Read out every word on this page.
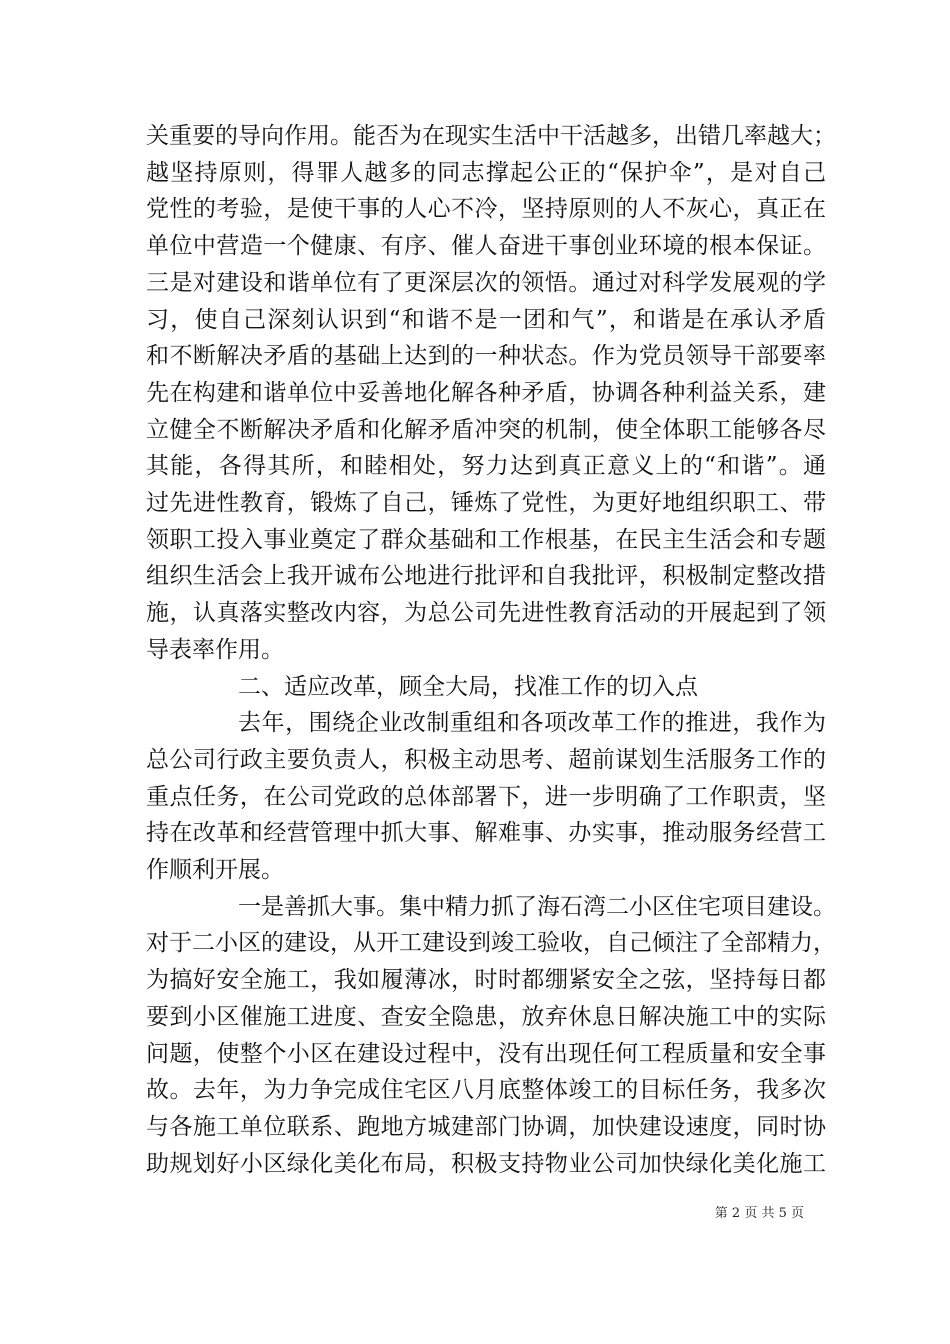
关重要的导向作用。能否为在现实生活中干活越多，出错几率越大；
越坚持原则，得罪人越多的同志撑起公正的“保护伞”，是对自己
党性的考验，是使干事的人心不冷，坚持原则的人不灰心，真正在
单位中营造一个健康、有序、催人奋进干事创业环境的根本保证。
三是对建设和谐单位有了更深层次的领悟。通过对科学发展观的学
习，使自己深刻认识到“和谐不是一团和气”，和谐是在承认矛盾
和不断解决矛盾的基础上达到的一种状态。作为党员领导干部要率
先在构建和谐单位中妥善地化解各种矛盾，协调各种利益关系，建
立健全不断解决矛盾和化解矛盾冲突的机制，使全体职工能够各尽
其能，各得其所，和睦相处，努力达到真正意义上的“和谐”。通
过先进性教育，锻炼了自己，锤炼了党性，为更好地组织职工、带
领职工投入事业奠定了群众基础和工作根基，在民主生活会和专题
组织生活会上我开诚布公地进行批评和自我批评，积极制定整改措
施，认真落实整改内容，为总公司先进性教育活动的开展起到了领
导表率作用。
二、适应改革，顾全大局，找准工作的切入点
去年，围绕企业改制重组和各项改革工作的推进，我作为
总公司行政主要负责人，积极主动思考、超前谋划生活服务工作的
重点任务，在公司党政的总体部署下，进一步明确了工作职责，坚
持在改革和经营管理中抓大事、解难事、办实事，推动服务经营工
作顺利开展。
一是善抓大事。集中精力抓了海石湾二小区住宅项目建设。
对于二小区的建设，从开工建设到竣工验收，自己倾注了全部精力，
为搞好安全施工，我如履薄冰，时时都绷紧安全之弦，坚持每日都
要到小区催施工进度、查安全隐患，放弃休息日解决施工中的实际
问题，使整个小区在建设过程中，没有出现任何工程质量和安全事
故。去年，为力争完成住宅区八月底整体竣工的目标任务，我多次
与各施工单位联系、跑地方城建部门协调，加快建设速度，同时协
助规划好小区绿化美化布局，积极支持物业公司加快绿化美化施工
第 2 页 共 5 页
